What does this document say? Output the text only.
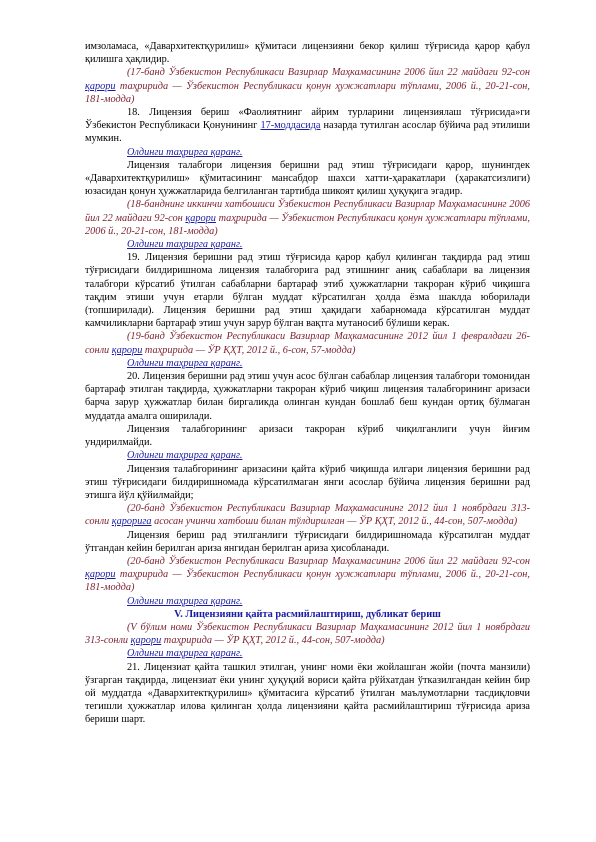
имзоламаса, «Даварxитектқурилиш» қўмитаси лицензияни бекор қилиш тўғрисида қарор қабул қилишга ҳақлидир.

(17-банд Ўзбекистон Республикаси Вазирлар Маҳкамасининг 2006 йил 22 майдаги 92-сон қарори таҳририда — Ўзбекистон Республикаси қонун ҳужжатлари тўплами, 2006 й., 20-21-сон, 181-модда)

18. Лицензия бериш «Фаолиятнинг айрим турларини лицензиялаш тўғрисида»ги Ўзбекистон Республикаси Қонунининг 17-моддасида назарда тутилган асослар бўйича рад этилиши мумкин.

Олдинги таҳрирга қаранг.

Лицензия талабгори лицензия беришни рад этиш тўғрисидаги қарор, шунингдек «Даварxитектқурилиш» қўмитасининг мансабдор шахси хатти-ҳаракатлари (ҳаракатсизлиги) юзасидан қонун ҳужжатларида белгиланган тартибда шикоят қилиш ҳуқуқига эгадир.

(18-банднинг иккинчи хатбошиси Ўзбекистон Республикаси Вазирлар Маҳкамасининг 2006 йил 22 майдаги 92-сон қарори таҳририда — Ўзбекистон Республикаси қонун ҳужжатлари тўплами, 2006 й., 20-21-сон, 181-модда)

Олдинги таҳрирга қаранг.

19. Лицензия беришни рад этиш тўғрисида қарор қабул қилинган тақдирда рад этиш тўғрисидаги билдиришнома лицензия талабгорига рад этишнинг аниқ сабаблари ва лицензия талабгори кўрсатиб ўтилган сабабларни бартараф этиб ҳужжатларни такроран кўриб чиқишга тақдим этиши учун етарли бўлган муддат кўрсатилган ҳолда ёзма шаклда юборилади (топширилади). Лицензия беришни рад этиш ҳақидаги хабарномада кўрсатилган муддат камчиликларни бартараф этиш учун зарур бўлган вақтга мутаносиб бўлиши керак.

(19-банд Ўзбекистон Республикаси Вазирлар Маҳкамасининг 2012 йил 1 февралдаги 26-сонли қарори таҳририда — ЎР ҚҲТ, 2012 й., 6-сон, 57-модда)

Олдинги таҳрирга қаранг.

20. Лицензия беришни рад этиш учун асос бўлган сабаблар лицензия талабгори томонидан бартараф этилган тақдирда, ҳужжатларни такроран кўриб чиқиш лицензия талабгорининг аризаси барча зарур ҳужжатлар билан биргаликда олинган кундан бошлаб беш кундан ортиқ бўлмаган муддатда амалга оширилади.

Лицензия талабгорининг аризаси такроран кўриб чиқилганлиги учун йиғим ундирилмайди.

Олдинги таҳрирга қаранг.

Лицензия талабгорининг аризасини қайта кўриб чиқишда илгари лицензия беришни рад этиш тўғрисидаги билдиришномада кўрсатилмаган янги асослар бўйича лицензия беришни рад этишга йўл қўйилмайди;

(20-банд Ўзбекистон Республикаси Вазирлар Маҳкамасининг 2012 йил 1 ноябрдаги 313-сонли қарорига асосан учинчи хатбоши билан тўлдирилган — ЎР ҚҲТ, 2012 й., 44-сон, 507-модда)

Лицензия бериш рад этилганлиги тўғрисидаги билдиришномада кўрсатилган муддат ўтгандан кейин берилган ариза янгидан берилган ариза ҳисобланади.

(20-банд Ўзбекистон Республикаси Вазирлар Маҳкамасининг 2006 йил 22 майдаги 92-сон қарори таҳририда — Ўзбекистон Республикаси қонун ҳужжатлари тўплами, 2006 й., 20-21-сон, 181-модда)

Олдинги таҳрирга қаранг.

V. Лицензияни қайта расмийлаштириш, дубликат бериш

(V бўлим номи Ўзбекистон Республикаси Вазирлар Маҳкамасининг 2012 йил 1 ноябрдаги 313-сонли қарори таҳририда — ЎР ҚҲТ, 2012 й., 44-сон, 507-модда)

Олдинги таҳрирга қаранг.

21. Лицензиат қайта ташкил этилган, унинг номи ёки жойлашган жойи (почта манзили) ўзгарган тақдирда, лицензиат ёки унинг ҳуқуқий вориси қайта рўйхатдан ўтказилгандан кейин бир ой муддатда «Даварxитектқурилиш» қўмитасига кўрсатиб ўтилган маълумотларни тасдиқловчи тегишли ҳужжатлар илова қилинган ҳолда лицензияни қайта расмийлаштириш тўғрисида ариза бериши шарт.
